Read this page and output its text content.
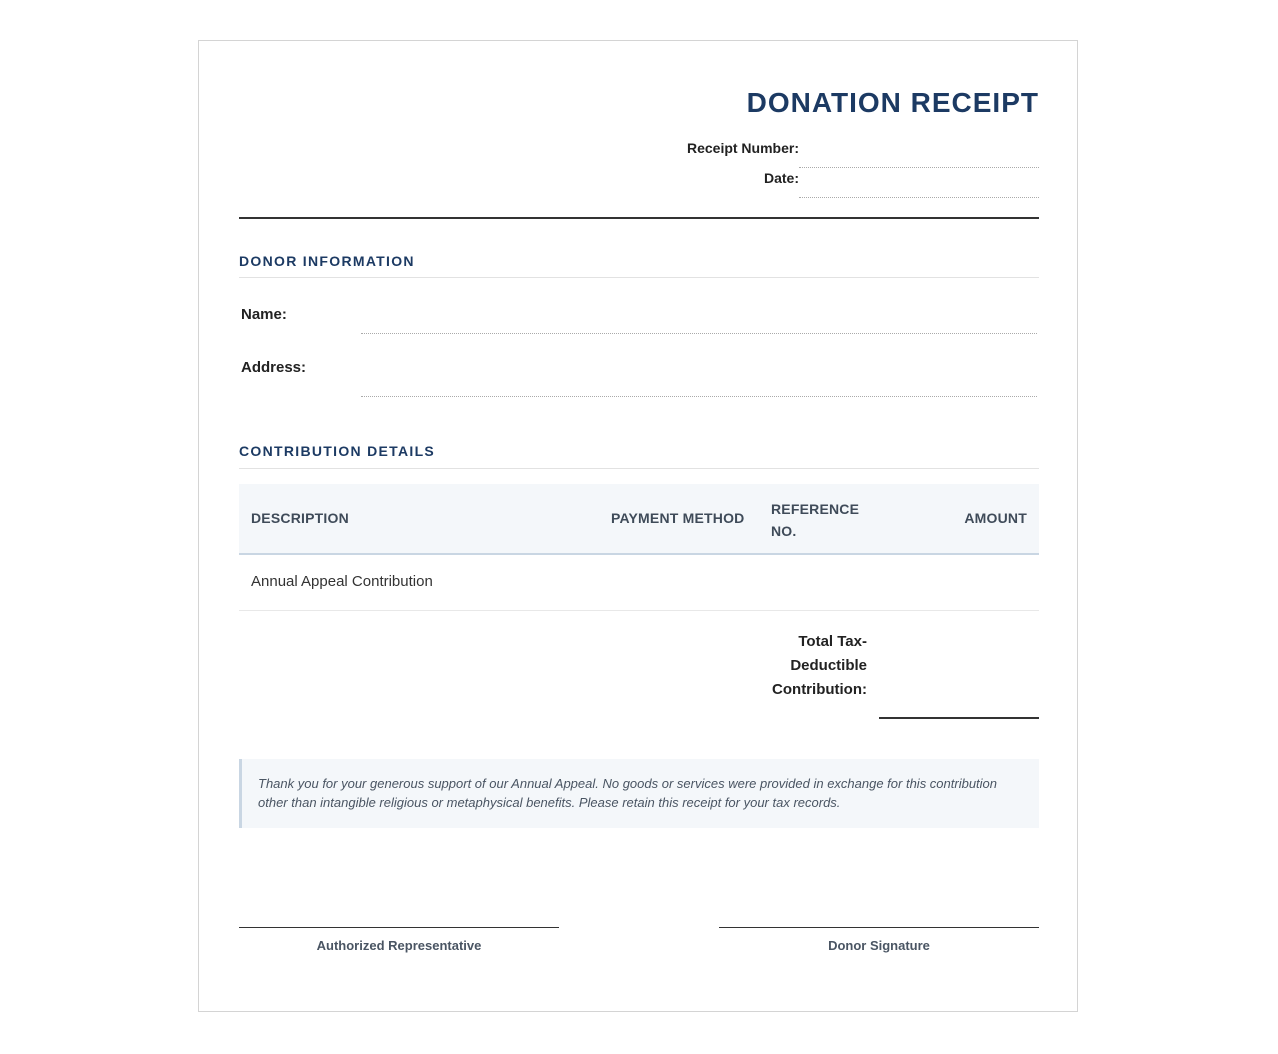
DONATION RECEIPT
Receipt Number:
Date:
DONOR INFORMATION
Name:
Address:
CONTRIBUTION DETAILS
DESCRIPTION	PAYMENT METHOD
REFERENCE NO.
AMOUNT
Annual Appeal Contribution
Total Tax-Deductible Contribution:
Thank you for your generous support of our Annual Appeal. No goods or services were provided in exchange for this contribution other than intangible religious or metaphysical benefits. Please retain this receipt for your tax records.
Authorized Representative	Donor Signature
